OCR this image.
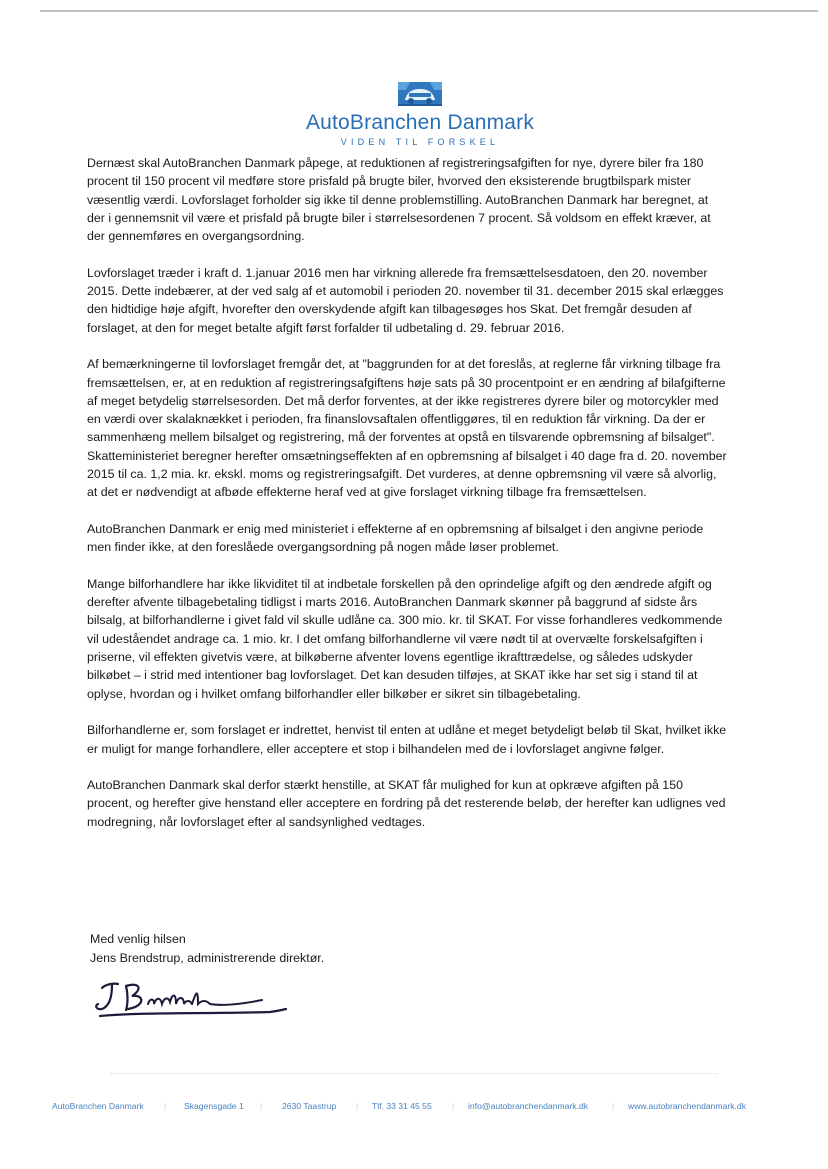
AutoBranchen Danmark
VIDEN TIL FORSKEL

Dernæst skal AutoBranchen Danmark påpege, at reduktionen af registreringsafgiften for nye, dyrere biler fra 180 procent til 150 procent vil medføre store prisfald på brugte biler, hvorved den eksisterende brugtbilspark mister væsentlig værdi. Lovforslaget forholder sig ikke til denne problemstilling. AutoBranchen Danmark har beregnet, at der i gennemsnit vil være et prisfald på brugte biler i størrelsesordenen 7 procent. Så voldsom en effekt kræver, at der gennemføres en overgangsordning.

Lovforslaget træder i kraft d. 1.januar 2016 men har virkning allerede fra fremsættelsesdatoen, den 20. november 2015. Dette indebærer, at der ved salg af et automobil i perioden 20. november til 31. december 2015 skal erlægges den hidtidige høje afgift, hvorefter den overskydende afgift kan tilbagesøges hos Skat. Det fremgår desuden af forslaget, at den for meget betalte afgift først forfalder til udbetaling d. 29. februar 2016.

Af bemærkningerne til lovforslaget fremgår det, at "baggrunden for at det foreslås, at reglerne får virkning tilbage fra fremsættelsen, er, at en reduktion af registreringsafgiftens høje sats på 30 procentpoint er en ændring af bilafgifterne af meget betydelig størrelsesorden. Det må derfor forventes, at der ikke registreres dyrere biler og motorcykler med en værdi over skalaknækket i perioden, fra finanslovsaftalen offentliggøres, til en reduktion får virkning. Da der er sammenhæng mellem bilsalget og registrering, må der forventes at opstå en tilsvarende opbremsning af bilsalget". Skatteministeriet beregner herefter omsætningseffekten af en opbremsning af bilsalget i 40 dage fra d. 20. november 2015 til ca. 1,2 mia. kr. ekskl. moms og registreringsafgift. Det vurderes, at denne opbremsning vil være så alvorlig, at det er nødvendigt at afbøde effekterne heraf ved at give forslaget virkning tilbage fra fremsættelsen.

AutoBranchen Danmark er enig med ministeriet i effekterne af en opbremsning af bilsalget i den angivne periode men finder ikke, at den foreslåede overgangsordning på nogen måde løser problemet.

Mange bilforhandlere har ikke likviditet til at indbetale forskellen på den oprindelige afgift og den ændrede afgift og derefter afvente tilbagebetaling tidligst i marts 2016. AutoBranchen Danmark skønner på baggrund af sidste års bilsalg, at bilforhandlerne i givet fald vil skulle udlåne ca. 300 mio. kr. til SKAT. For visse forhandleres vedkommende vil udeståendet andrage ca. 1 mio. kr. I det omfang bilforhandlerne vil være nødt til at overvælte forskelsafgiften i priserne, vil effekten givetvis være, at bilkøberne afventer lovens egentlige ikrafttrædelse, og således udskyder bilkøbet – i strid med intentioner bag lovforslaget. Det kan desuden tilføjes, at SKAT ikke har set sig i stand til at oplyse, hvordan og i hvilket omfang bilforhandler eller bilkøber er sikret sin tilbagebetaling.

Bilforhandlerne er, som forslaget er indrettet, henvist til enten at udlåne et meget betydeligt beløb til Skat, hvilket ikke er muligt for mange forhandlere, eller acceptere et stop i bilhandelen med de i lovforslaget angivne følger.

AutoBranchen Danmark skal derfor stærkt henstille, at SKAT får mulighed for kun at opkræve afgiften på 150 procent, og herefter give henstand eller acceptere en fordring på det resterende beløb, der herefter kan udlignes ved modregning, når lovforslaget efter al sandsynlighed vedtages.

Med venlig hilsen
Jens Brendstrup, administrerende direktør.
AutoBranchen Danmark | Skagensgade 1 | 2630 Taastrup | Tlf. 33 31 45 55 | info@autobranchendanmark.dk	| www.autobranchendanmark.dk
